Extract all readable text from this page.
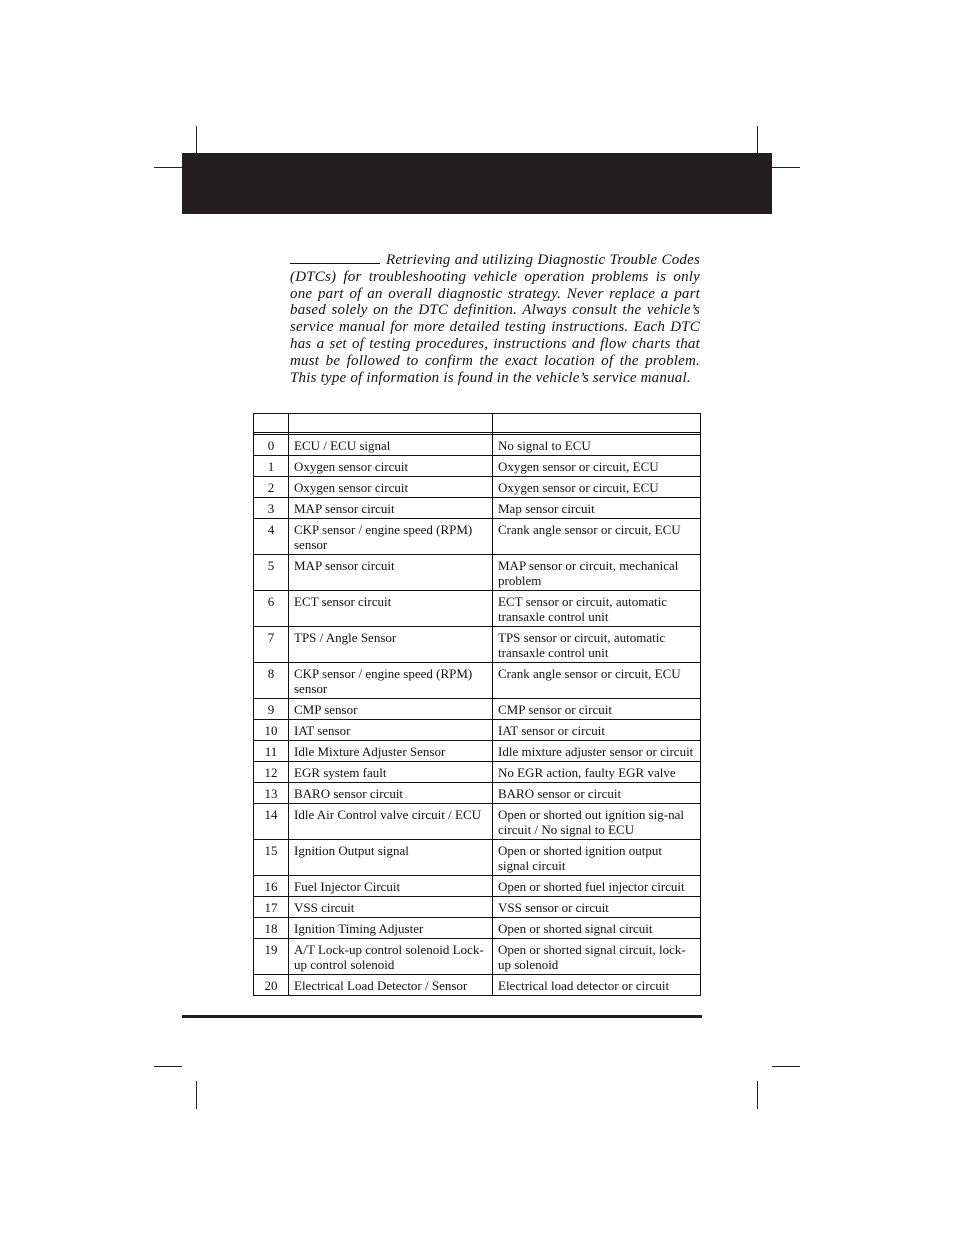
Retrieving and utilizing Diagnostic Trouble Codes (DTCs) for troubleshooting vehicle operation problems is only one part of an overall diagnostic strategy. Never replace a part based solely on the DTC definition. Always consult the vehicle’s service manual for more detailed testing instructions. Each DTC has a set of testing procedures, instructions and flow charts that must be followed to confirm the exact location of the problem. This type of information is found in the vehicle’s service manual.

0	ECU / ECU signal	No signal to ECU
1	Oxygen sensor circuit	Oxygen sensor or circuit, ECU
2	Oxygen sensor circuit	Oxygen sensor or circuit, ECU
3	MAP sensor circuit	Map sensor circuit
4	CKP sensor / engine speed (RPM) sensor	Crank angle sensor or circuit, ECU
5	MAP sensor circuit	MAP sensor or circuit, mechanical problem
6	ECT sensor circuit	ECT sensor or circuit, automatic transaxle control unit
7	TPS / Angle Sensor	TPS sensor or circuit, automatic transaxle control unit
8	CKP sensor / engine speed (RPM) sensor	Crank angle sensor or circuit, ECU
9	CMP sensor	CMP sensor or circuit
10	IAT sensor	IAT sensor or circuit
11	Idle Mixture Adjuster Sensor	Idle mixture adjuster sensor or circuit
12	EGR system fault	No EGR action, faulty EGR valve
13	BARO sensor circuit	BARO sensor or circuit
14	Idle Air Control valve circuit / ECU	Open or shorted out ignition sig-nal circuit / No signal to ECU
15	Ignition Output signal	Open or shorted ignition output signal circuit
16	Fuel Injector Circuit	Open or shorted fuel injector circuit
17	VSS circuit	VSS sensor or circuit
18	Ignition Timing Adjuster	Open or shorted signal circuit
19	A/T Lock-up control solenoid Lock-up control solenoid	Open or shorted signal circuit, lock-up solenoid
20	Electrical Load Detector / Sensor	Electrical load detector or circuit
